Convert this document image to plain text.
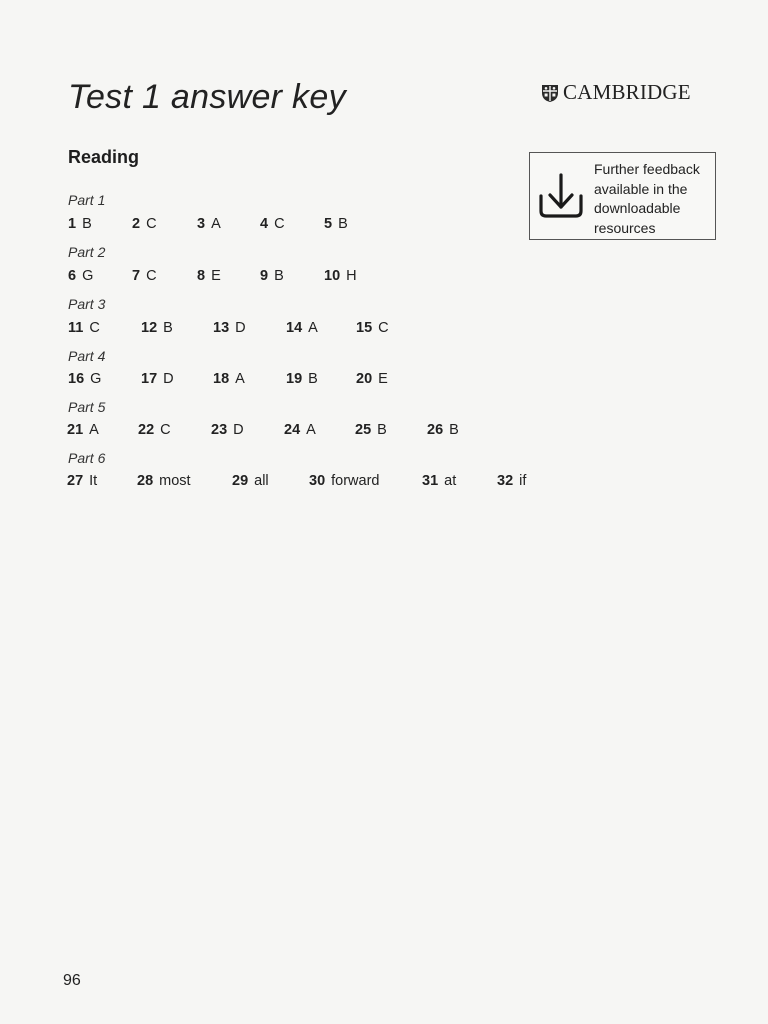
Test 1 answer key	CAMBRIDGE
Reading
Further feedback available in the downloadable resources
Part 1
1 B	2 C	3 A	4 C	5 B
Part 2
6 G	7 C	8 E	9 B	10 H
Part 3
11 C	12 B	13 D	14 A	15 C
Part 4
16 G	17 D	18 A	19 B	20 E
Part 5
21 A	22 C	23 D	24 A	25 B	26 B
Part 6
27 It	28 most	29 all	30 forward	31 at	32 if
96
